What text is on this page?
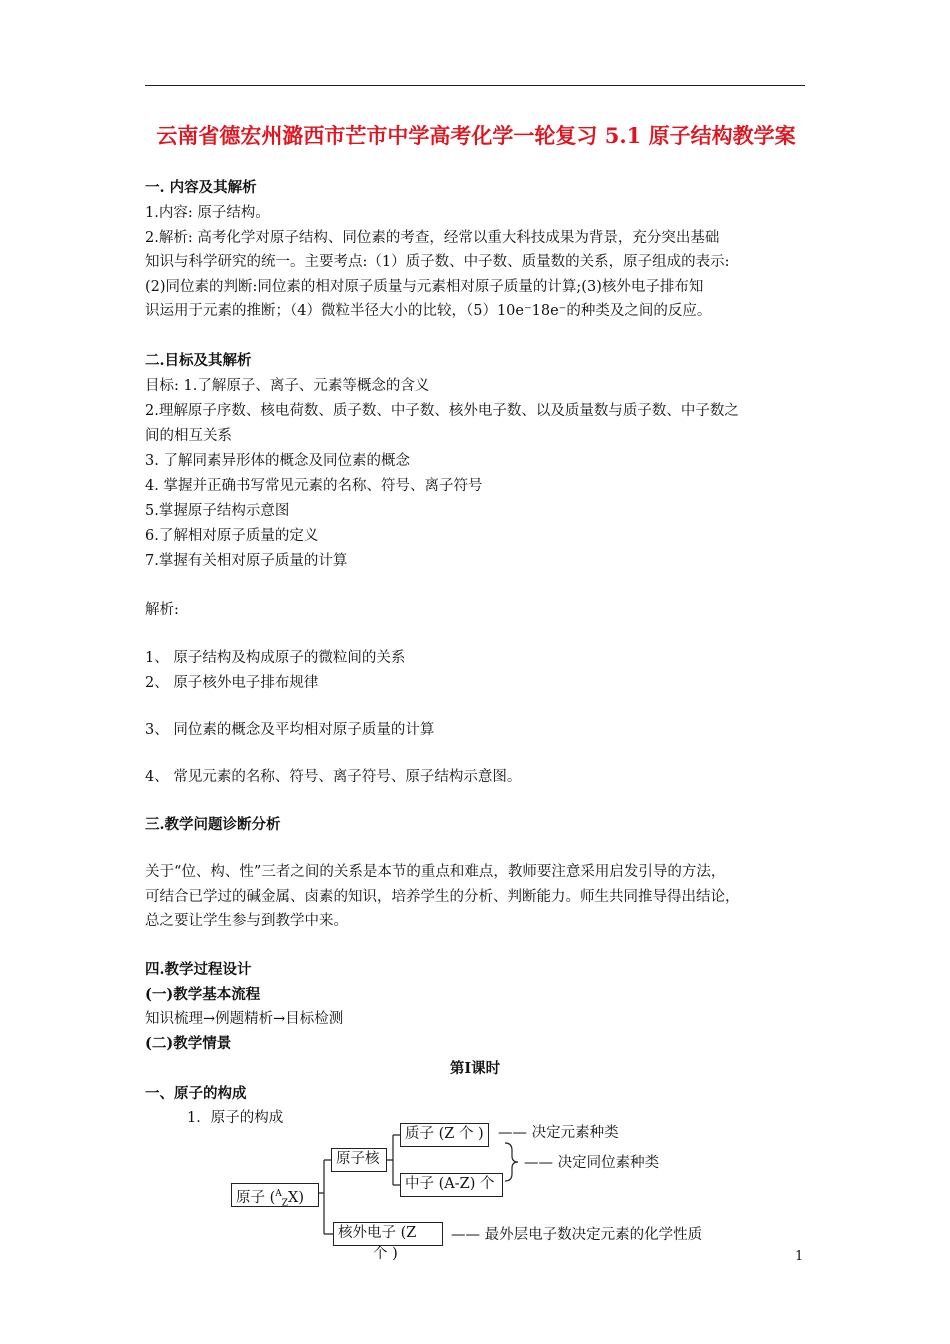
云南省德宏州潞西市芒市中学高考化学一轮复习 5.1 原子结构教学案
一. 内容及其解析
1.内容: 原子结构。
2.解析: 高考化学对原子结构、同位素的考查，经常以重大科技成果为背景，充分突出基础
知识与科学研究的统一。主要考点:（1）质子数、中子数、质量数的关系，原子组成的表示:
(2)同位素的判断:同位素的相对原子质量与元素相对原子质量的计算;(3)核外电子排布知
识运用于元素的推断；（4）微粒半径大小的比较，（5）10e⁻18e⁻的种类及之间的反应。
二.目标及其解析
目标: 1.了解原子、离子、元素等概念的含义
2.理解原子序数、核电荷数、质子数、中子数、核外电子数、以及质量数与质子数、中子数之
间的相互关系
3. 了解同素异形体的概念及同位素的概念
4. 掌握并正确书写常见元素的名称、符号、离子符号
5.掌握原子结构示意图
6.了解相对原子质量的定义
7.掌握有关相对原子质量的计算
解析:
1、 原子结构及构成原子的微粒间的关系
2、 原子核外电子排布规律
3、 同位素的概念及平均相对原子质量的计算
4、 常见元素的名称、符号、离子符号、原子结构示意图。
三.教学问题诊断分析
关于“位、构、性”三者之间的关系是本节的重点和难点，教师要注意采用启发引导的方法，
可结合已学过的碱金属、卤素的知识，培养学生的分析、判断能力。师生共同推导得出结论，
总之要让学生参与到教学中来。
四.教学过程设计
(一)教学基本流程
知识梳理→例题精析→目标检测
(二)教学情景
第Ⅰ课时
一、原子的构成
1．原子的构成
原子 ($^A_Z$X)
原子核
质子 (Z 个 )
中子 (A-Z) 个
核外电子 (Z
个 )
—— 决定元素种类
—— 决定同位素种类
—— 最外层电子数决定元素的化学性质
1
